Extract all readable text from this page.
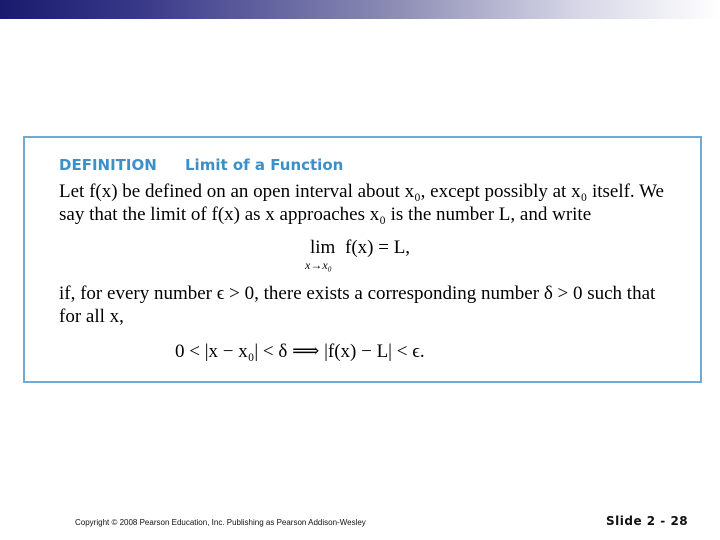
DEFINITION Limit of a Function
Let f(x) be defined on an open interval about x₀, except possibly at x₀ itself. We
say that the limit of f(x) as x approaches x₀ is the number L, and write
lim
x→x₀
f(x) = L,
if, for every number ϵ > 0, there exists a corresponding number δ > 0 such that
for all x,
0 < |x − x₀| < δ ⟹ |f(x) − L| < ϵ.
Copyright © 2008 Pearson Education, Inc. Publishing as Pearson Addison-Wesley	Slide 2 - 28
